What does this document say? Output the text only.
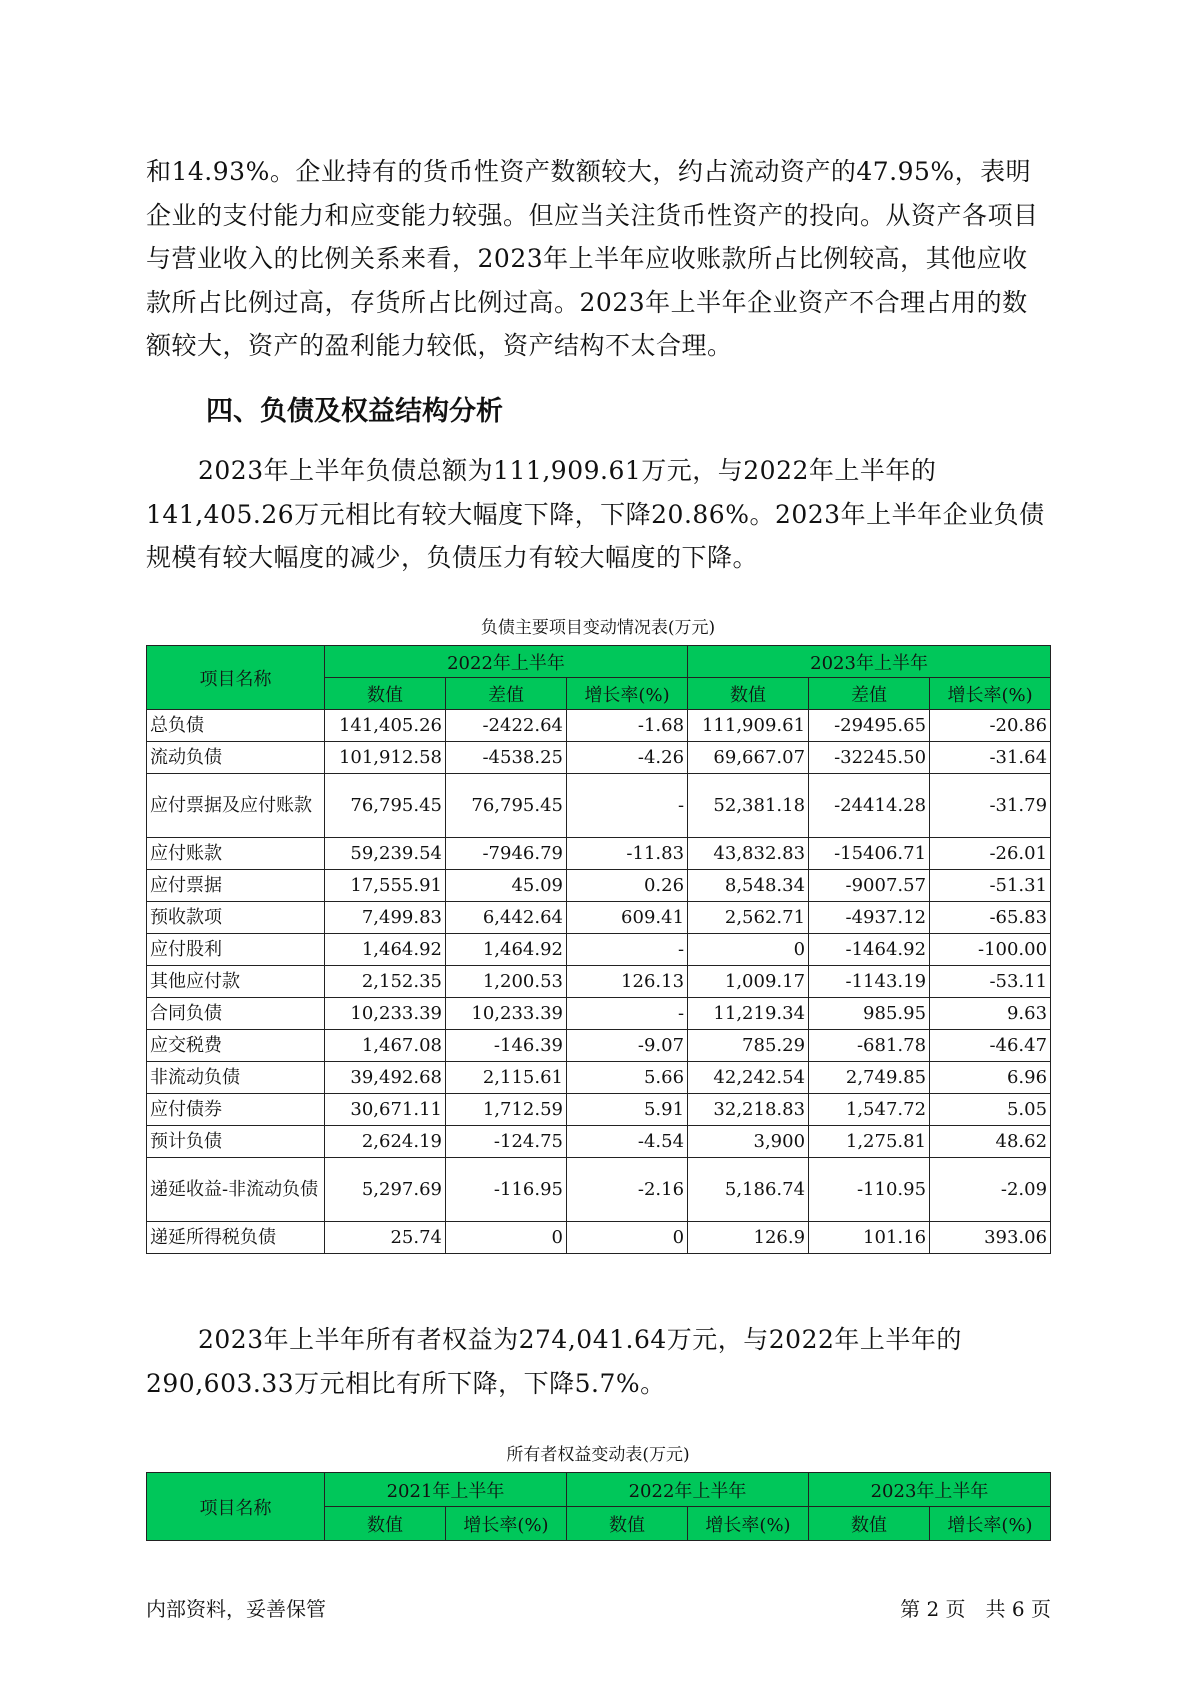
和14.93%。企业持有的货币性资产数额较大，约占流动资产的47.95%，表明企业的支付能力和应变能力较强。但应当关注货币性资产的投向。从资产各项目与营业收入的比例关系来看，2023年上半年应收账款所占比例较高，其他应收款所占比例过高，存货所占比例过高。2023年上半年企业资产不合理占用的数额较大，资产的盈利能力较低，资产结构不太合理。

四、负债及权益结构分析

2023年上半年负债总额为111,909.61万元，与2022年上半年的141,405.26万元相比有较大幅度下降，下降20.86%。2023年上半年企业负债规模有较大幅度的减少，负债压力有较大幅度的下降。

负债主要项目变动情况表(万元)
项目名称	2022年上半年			2023年上半年		
	数值	差值	增长率(%)	数值	差值	增长率(%)
总负债	141,405.26	-2422.64	-1.68	111,909.61	-29495.65	-20.86
流动负债	101,912.58	-4538.25	-4.26	69,667.07	-32245.50	-31.64
应付票据及应付账款	76,795.45	76,795.45	-	52,381.18	-24414.28	-31.79
应付账款	59,239.54	-7946.79	-11.83	43,832.83	-15406.71	-26.01
应付票据	17,555.91	45.09	0.26	8,548.34	-9007.57	-51.31
预收款项	7,499.83	6,442.64	609.41	2,562.71	-4937.12	-65.83
应付股利	1,464.92	1,464.92	-	0	-1464.92	-100.00
其他应付款	2,152.35	1,200.53	126.13	1,009.17	-1143.19	-53.11
合同负债	10,233.39	10,233.39	-	11,219.34	985.95	9.63
应交税费	1,467.08	-146.39	-9.07	785.29	-681.78	-46.47
非流动负债	39,492.68	2,115.61	5.66	42,242.54	2,749.85	6.96
应付债券	30,671.11	1,712.59	5.91	32,218.83	1,547.72	5.05
预计负债	2,624.19	-124.75	-4.54	3,900	1,275.81	48.62
递延收益-非流动负债	5,297.69	-116.95	-2.16	5,186.74	-110.95	-2.09
递延所得税负债	25.74	0	0	126.9	101.16	393.06

2023年上半年所有者权益为274,041.64万元，与2022年上半年的290,603.33万元相比有所下降，下降5.7%。

所有者权益变动表(万元)
项目名称	2021年上半年		2022年上半年		2023年上半年	
	数值	增长率(%)	数值	增长率(%)	数值	增长率(%)
内部资料，妥善保管	第 2 页　共 6 页
